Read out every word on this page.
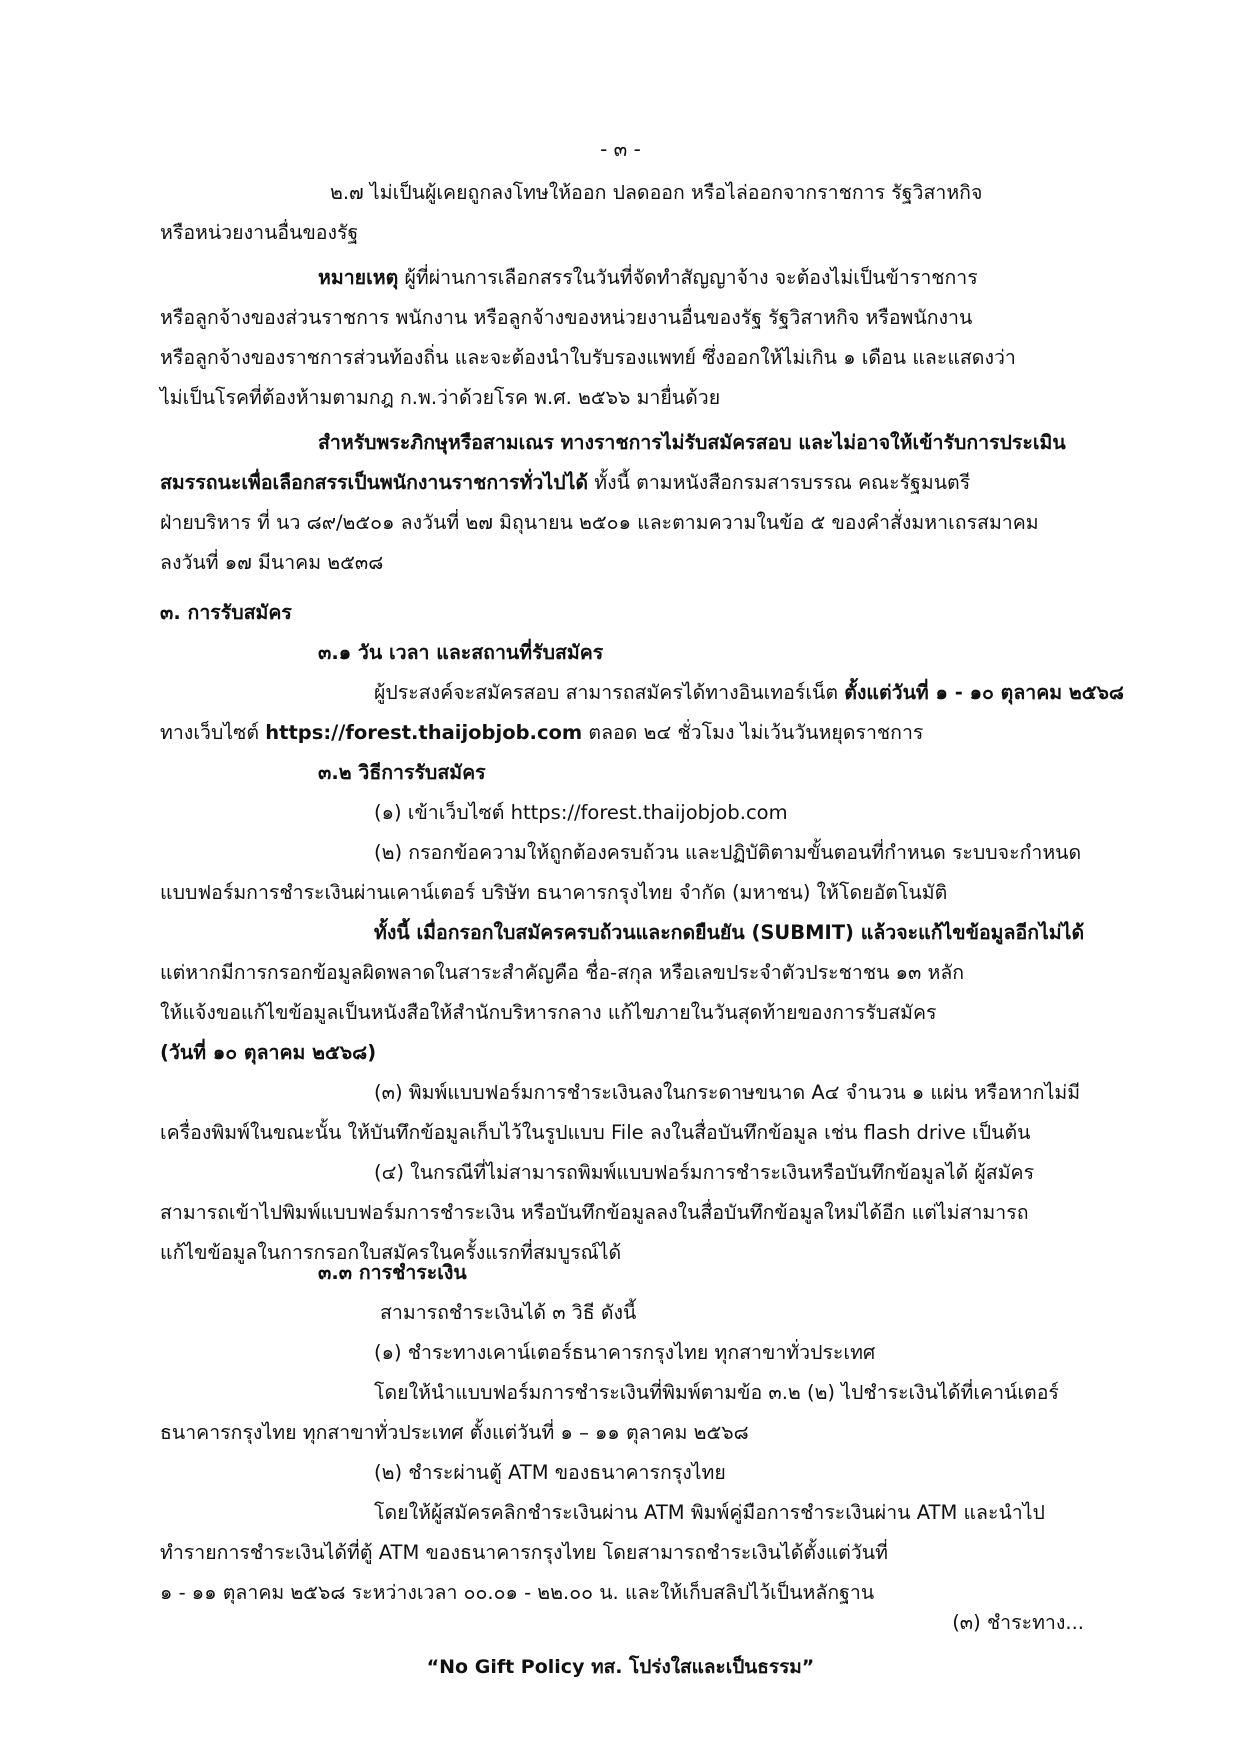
- ๓ -

๒.๗ ไม่เป็นผู้เคยถูกลงโทษให้ออก ปลดออก หรือไล่ออกจากราชการ รัฐวิสาหกิจ

หรือหน่วยงานอื่นของรัฐ

หมายเหตุ ผู้ที่ผ่านการเลือกสรรในวันที่จัดทำสัญญาจ้าง จะต้องไม่เป็นข้าราชการ

หรือลูกจ้างของส่วนราชการ พนักงาน หรือลูกจ้างของหน่วยงานอื่นของรัฐ รัฐวิสาหกิจ หรือพนักงาน

หรือลูกจ้างของราชการส่วนท้องถิ่น และจะต้องนำใบรับรองแพทย์ ซึ่งออกให้ไม่เกิน ๑ เดือน และแสดงว่า

ไม่เป็นโรคที่ต้องห้ามตามกฎ ก.พ.ว่าด้วยโรค พ.ศ. ๒๕๖๖ มายื่นด้วย

สำหรับพระภิกษุหรือสามเณร ทางราชการไม่รับสมัครสอบ และไม่อาจให้เข้ารับการประเมิน

สมรรถนะเพื่อเลือกสรรเป็นพนักงานราชการทั่วไปได้ ทั้งนี้ ตามหนังสือกรมสารบรรณ คณะรัฐมนตรี

ฝ่ายบริหาร ที่ นว ๘๙/๒๕๐๑ ลงวันที่ ๒๗ มิถุนายน ๒๕๐๑ และตามความในข้อ ๕ ของคำสั่งมหาเถรสมาคม

ลงวันที่ ๑๗ มีนาคม ๒๕๓๘

๓. การรับสมัคร

๓.๑ วัน เวลา และสถานที่รับสมัคร

ผู้ประสงค์จะสมัครสอบ สามารถสมัครได้ทางอินเทอร์เน็ต ตั้งแต่วันที่ ๑ - ๑๐ ตุลาคม ๒๕๖๘

ทางเว็บไซต์ https://forest.thaijobjob.com ตลอด ๒๔ ชั่วโมง ไม่เว้นวันหยุดราชการ

๓.๒ วิธีการรับสมัคร

(๑) เข้าเว็บไซต์ https://forest.thaijobjob.com

(๒) กรอกข้อความให้ถูกต้องครบถ้วน และปฏิบัติตามขั้นตอนที่กำหนด ระบบจะกำหนด

แบบฟอร์มการชำระเงินผ่านเคาน์เตอร์ บริษัท ธนาคารกรุงไทย จำกัด (มหาชน) ให้โดยอัตโนมัติ

ทั้งนี้ เมื่อกรอกใบสมัครครบถ้วนและกดยืนยัน (SUBMIT) แล้วจะแก้ไขข้อมูลอีกไม่ได้

แต่หากมีการกรอกข้อมูลผิดพลาดในสาระสำคัญคือ ชื่อ-สกุล หรือเลขประจำตัวประชาชน ๑๓ หลัก

ให้แจ้งขอแก้ไขข้อมูลเป็นหนังสือให้สำนักบริหารกลาง แก้ไขภายในวันสุดท้ายของการรับสมัคร

(วันที่ ๑๐ ตุลาคม ๒๕๖๘)

(๓) พิมพ์แบบฟอร์มการชำระเงินลงในกระดาษขนาด A๔ จำนวน ๑ แผ่น หรือหากไม่มี

เครื่องพิมพ์ในขณะนั้น ให้บันทึกข้อมูลเก็บไว้ในรูปแบบ File ลงในสื่อบันทึกข้อมูล เช่น flash drive เป็นต้น

(๔) ในกรณีที่ไม่สามารถพิมพ์แบบฟอร์มการชำระเงินหรือบันทึกข้อมูลได้ ผู้สมัคร

สามารถเข้าไปพิมพ์แบบฟอร์มการชำระเงิน หรือบันทึกข้อมูลลงในสื่อบันทึกข้อมูลใหม่ได้อีก แต่ไม่สามารถ

แก้ไขข้อมูลในการกรอกใบสมัครในครั้งแรกที่สมบูรณ์ได้

๓.๓ การชำระเงิน

สามารถชำระเงินได้ ๓ วิธี ดังนี้

(๑) ชำระทางเคาน์เตอร์ธนาคารกรุงไทย ทุกสาขาทั่วประเทศ

โดยให้นำแบบฟอร์มการชำระเงินที่พิมพ์ตามข้อ ๓.๒ (๒) ไปชำระเงินได้ที่เคาน์เตอร์

ธนาคารกรุงไทย ทุกสาขาทั่วประเทศ ตั้งแต่วันที่ ๑ – ๑๑ ตุลาคม ๒๕๖๘

(๒) ชำระผ่านตู้ ATM ของธนาคารกรุงไทย

โดยให้ผู้สมัครคลิกชำระเงินผ่าน ATM พิมพ์คู่มือการชำระเงินผ่าน ATM และนำไป

ทำรายการชำระเงินได้ที่ตู้ ATM ของธนาคารกรุงไทย โดยสามารถชำระเงินได้ตั้งแต่วันที่

๑ - ๑๑ ตุลาคม ๒๕๖๘ ระหว่างเวลา ๐๐.๐๑ - ๒๒.๐๐ น. และให้เก็บสลิปไว้เป็นหลักฐาน

“No Gift Policy ทส. โปร่งใสและเป็นธรรม”

(๓) ชำระทาง...
